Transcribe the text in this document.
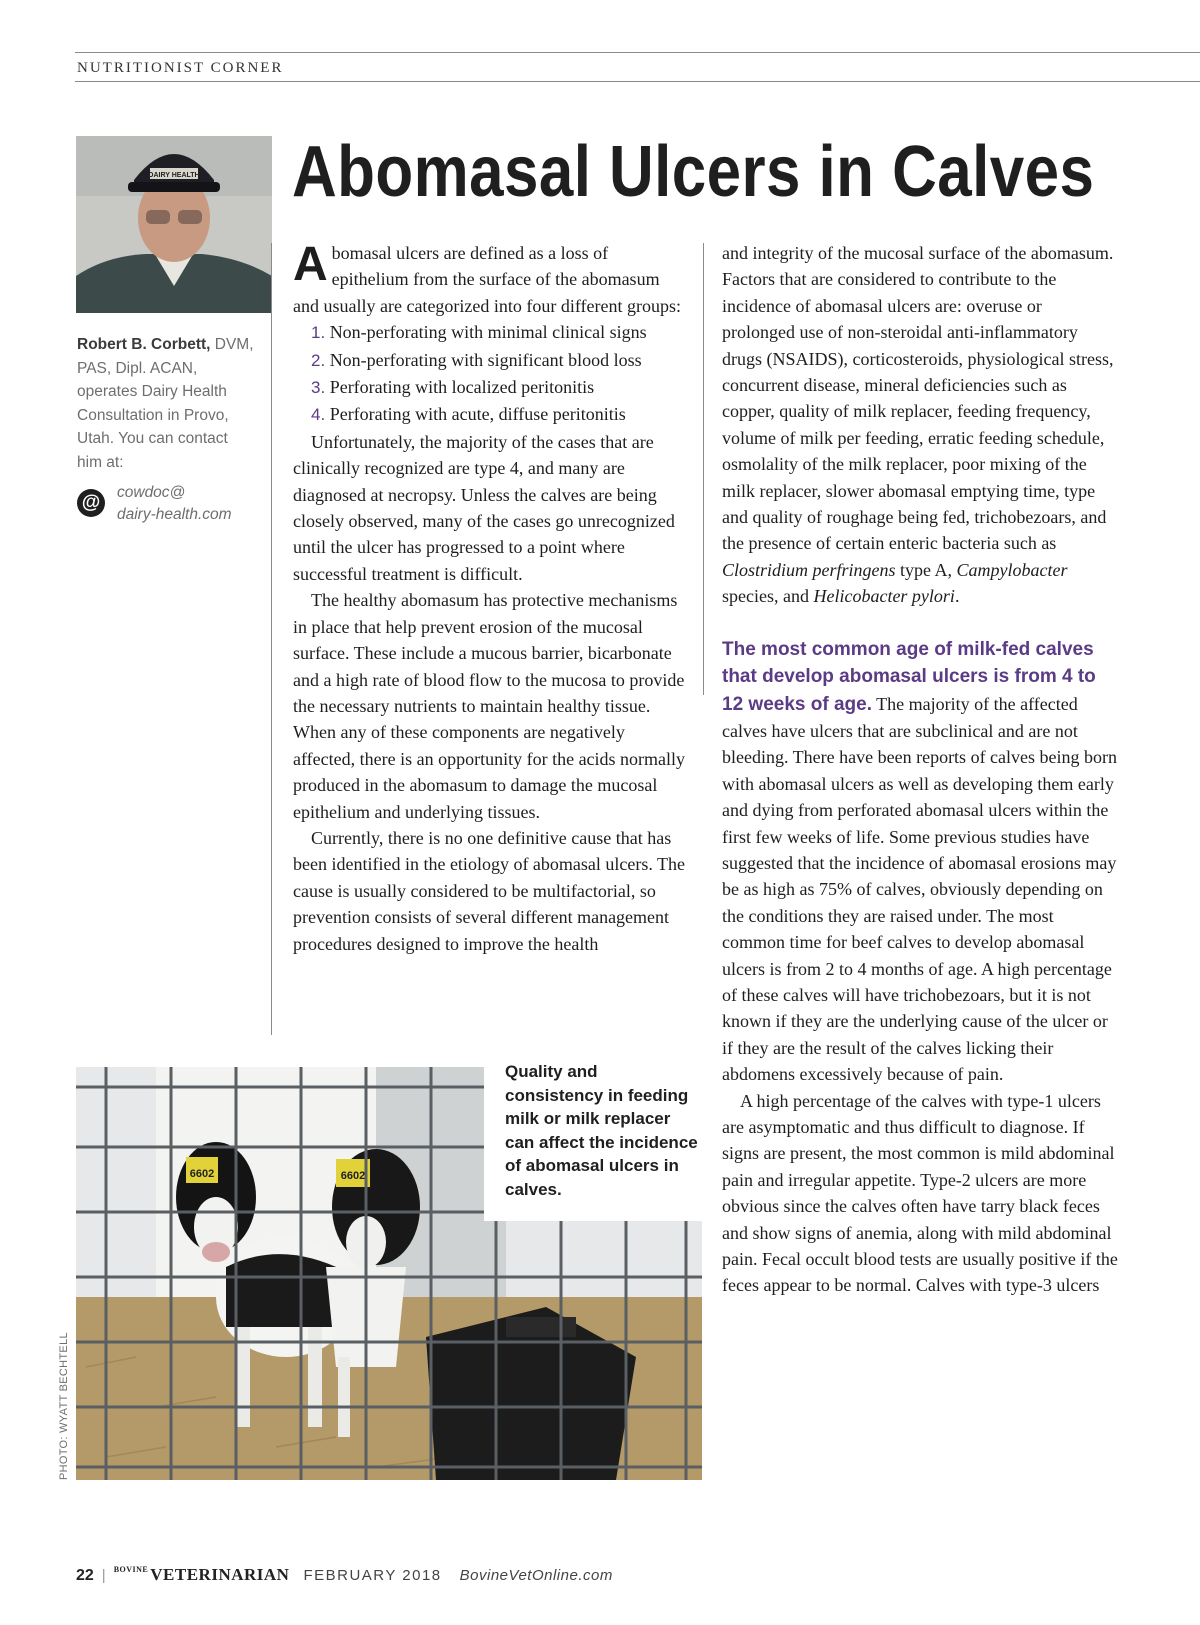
NUTRITIONIST CORNER
DAIRY HEALTH
Robert B. Corbett, DVM, PAS, Dipl. ACAN, operates Dairy Health Consultation in Provo, Utah. You can contact him at:
@	cowdoc@
dairy-health.com
Abomasal Ulcers in Calves

Abomasal ulcers are defined as a loss of epithelium from the surface of the abomasum and usually are categorized into four different groups:

1. Non-perforating with minimal clinical signs

2. Non-perforating with significant blood loss

3. Perforating with localized peritonitis

4. Perforating with acute, diffuse peritonitis

Unfortunately, the majority of the cases that are clinically recognized are type 4, and many are diagnosed at necropsy. Unless the calves are being closely observed, many of the cases go unrecognized until the ulcer has progressed to a point where successful treatment is difficult.

The healthy abomasum has protective mechanisms in place that help prevent erosion of the mucosal surface. These include a mucous barrier, bicarbonate and a high rate of blood flow to the mucosa to provide the necessary nutrients to maintain healthy tissue. When any of these components are negatively affected, there is an opportunity for the acids normally produced in the abomasum to damage the mucosal epithelium and underlying tissues.

Currently, there is no one definitive cause that has been identified in the etiology of abomasal ulcers. The cause is usually considered to be multifactorial, so prevention consists of several different management procedures designed to improve the health

and integrity of the mucosal surface of the abomasum. Factors that are considered to contribute to the incidence of abomasal ulcers are: overuse or prolonged use of non-steroidal anti-inflammatory drugs (NSAIDS), corticosteroids, physiological stress, concurrent disease, mineral deficiencies such as copper, quality of milk replacer, feeding frequency, volume of milk per feeding, erratic feeding schedule, osmolality of the milk replacer, poor mixing of the milk replacer, slower abomasal emptying time, type and quality of roughage being fed, trichobezoars, and the presence of certain enteric bacteria such as Clostridium perfringens type A, Campylobacter species, and Helicobacter pylori.

The most common age of milk-fed calves that develop abomasal ulcers is from 4 to 12 weeks of age. The majority of the affected calves have ulcers that are subclinical and are not bleeding. There have been reports of calves being born with abomasal ulcers as well as developing them early and dying from perforated abomasal ulcers within the first few weeks of life. Some previous studies have suggested that the incidence of abomasal erosions may be as high as 75% of calves, obviously depending on the conditions they are raised under. The most common time for beef calves to develop abomasal ulcers is from 2 to 4 months of age. A high percentage of these calves will have trichobezoars, but it is not known if they are the underlying cause of the ulcer or if they are the result of the calves licking their abdomens excessively because of pain.

A high percentage of the calves with type-1 ulcers are asymptomatic and thus difficult to diagnose. If signs are present, the most common is mild abdominal pain and irregular appetite. Type-2 ulcers are more obvious since the calves often have tarry black feces and show signs of anemia, along with mild abdominal pain. Fecal occult blood tests are usually positive if the feces appear to be normal. Calves with type-3 ulcers

6602	6602
Quality and consistency in feeding milk or milk replacer can affect the incidence of abomasal ulcers in calves.
PHOTO: WYATT BECHTELL
22 | $^{BOVINE}$ VETERINARIAN FEBRUARY 2018 BovineVetOnline.com
